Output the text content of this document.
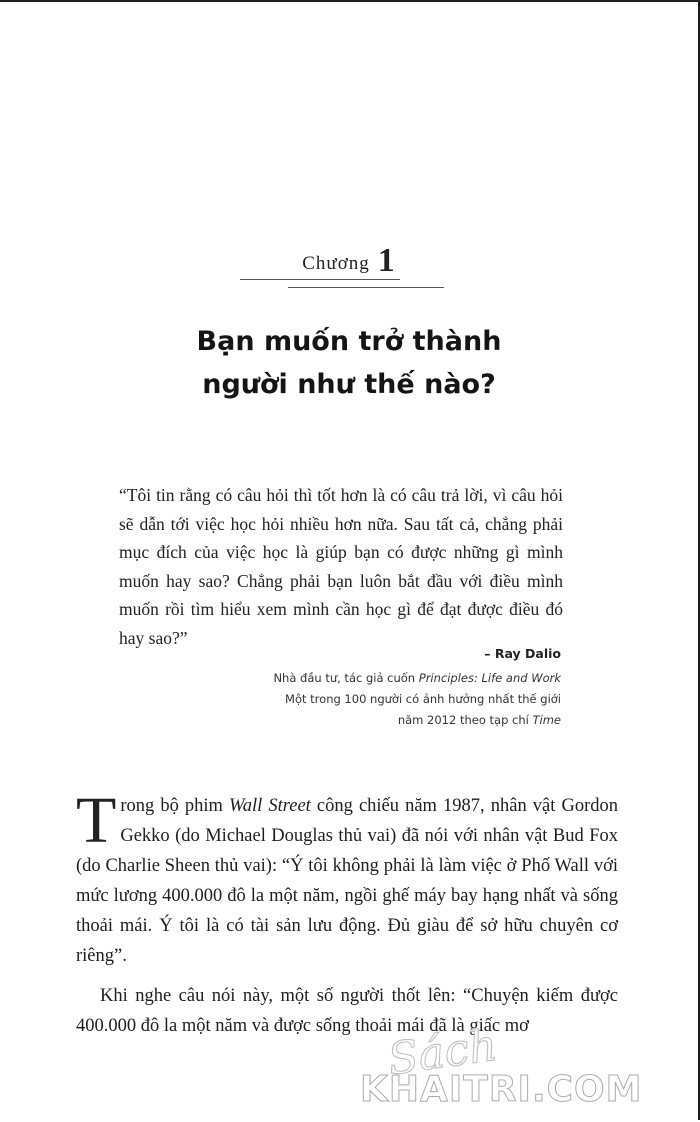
Chương 1
Bạn muốn trở thành
người như thế nào?
“Tôi tin rằng có câu hỏi thì tốt hơn là có câu trả lời, vì câu hỏi sẽ dẫn tới việc học hỏi nhiều hơn nữa. Sau tất cả, chẳng phải mục đích của việc học là giúp bạn có được những gì mình muốn hay sao? Chẳng phải bạn luôn bắt đầu với điều mình muốn rồi tìm hiểu xem mình cần học gì để đạt được điều đó hay sao?”
– Ray Dalio
Nhà đầu tư, tác giả cuốn Principles: Life and Work
Một trong 100 người có ảnh hưởng nhất thế giới
năm 2012 theo tạp chí Time

Trong bộ phim Wall Street công chiếu năm 1987, nhân vật Gordon Gekko (do Michael Douglas thủ vai) đã nói với nhân vật Bud Fox (do Charlie Sheen thủ vai): “Ý tôi không phải là làm việc ở Phố Wall với mức lương 400.000 đô la một năm, ngồi ghế máy bay hạng nhất và sống thoải mái. Ý tôi là có tài sản lưu động. Đủ giàu để sở hữu chuyên cơ riêng”.

Khi nghe câu nói này, một số người thốt lên: “Chuyện kiếm được 400.000 đô la một năm và được sống thoải mái đã là giấc mơ

Sách
KHAITRI.COM
